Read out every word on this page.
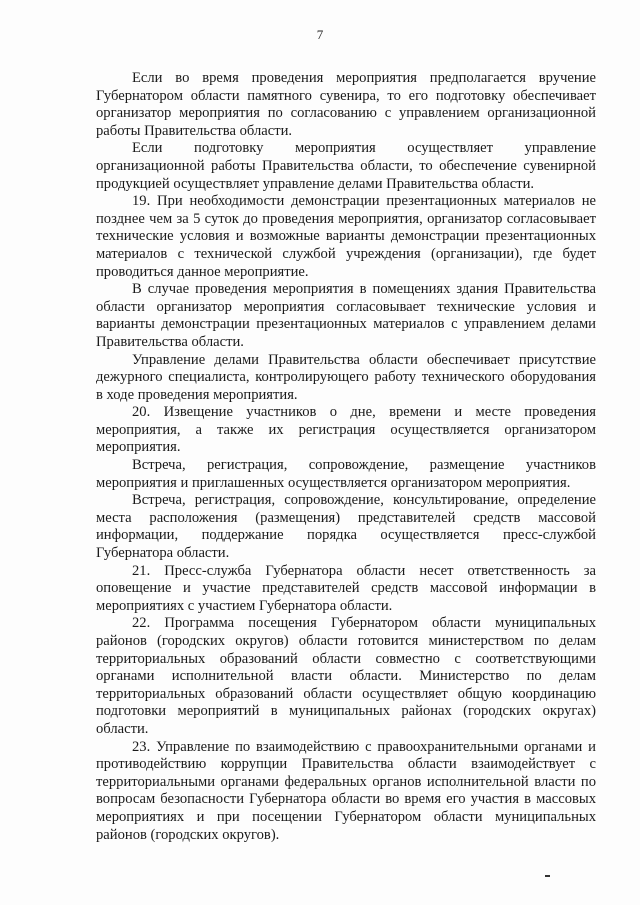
7

Если во время проведения мероприятия предполагается вручение Губернатором области памятного сувенира, то его подготовку обеспечивает организатор мероприятия по согласованию с управлением организационной работы Правительства области.

Если подготовку мероприятия осуществляет управление организационной работы Правительства области, то обеспечение сувенирной продукцией осуществляет управление делами Правительства области.

19. При необходимости демонстрации презентационных материалов не позднее чем за 5 суток до проведения мероприятия, организатор согласовывает технические условия и возможные варианты демонстрации презентационных материалов с технической службой учреждения (организации), где будет проводиться данное мероприятие.

В случае проведения мероприятия в помещениях здания Правительства области организатор мероприятия согласовывает технические условия и варианты демонстрации презентационных материалов с управлением делами Правительства области.

Управление делами Правительства области обеспечивает присутствие дежурного специалиста, контролирующего работу технического оборудования в ходе проведения мероприятия.

20. Извещение участников о дне, времени и месте проведения мероприятия, а также их регистрация осуществляется организатором мероприятия.

Встреча, регистрация, сопровождение, размещение участников мероприятия и приглашенных осуществляется организатором мероприятия.

Встреча, регистрация, сопровождение, консультирование, определение места расположения (размещения) представителей средств массовой информации, поддержание порядка осуществляется пресс-службой Губернатора области.

21. Пресс-служба Губернатора области несет ответственность за оповещение и участие представителей средств массовой информации в мероприятиях с участием Губернатора области.

22. Программа посещения Губернатором области муниципальных районов (городских округов) области готовится министерством по делам территориальных образований области совместно с соответствующими органами исполнительной власти области. Министерство по делам территориальных образований области осуществляет общую координацию подготовки мероприятий в муниципальных районах (городских округах) области.

23. Управление по взаимодействию с правоохранительными органами и противодействию коррупции Правительства области взаимодействует с территориальными органами федеральных органов исполнительной власти по вопросам безопасности Губернатора области во время его участия в массовых мероприятиях и при посещении Губернатором области муниципальных районов (городских округов).
